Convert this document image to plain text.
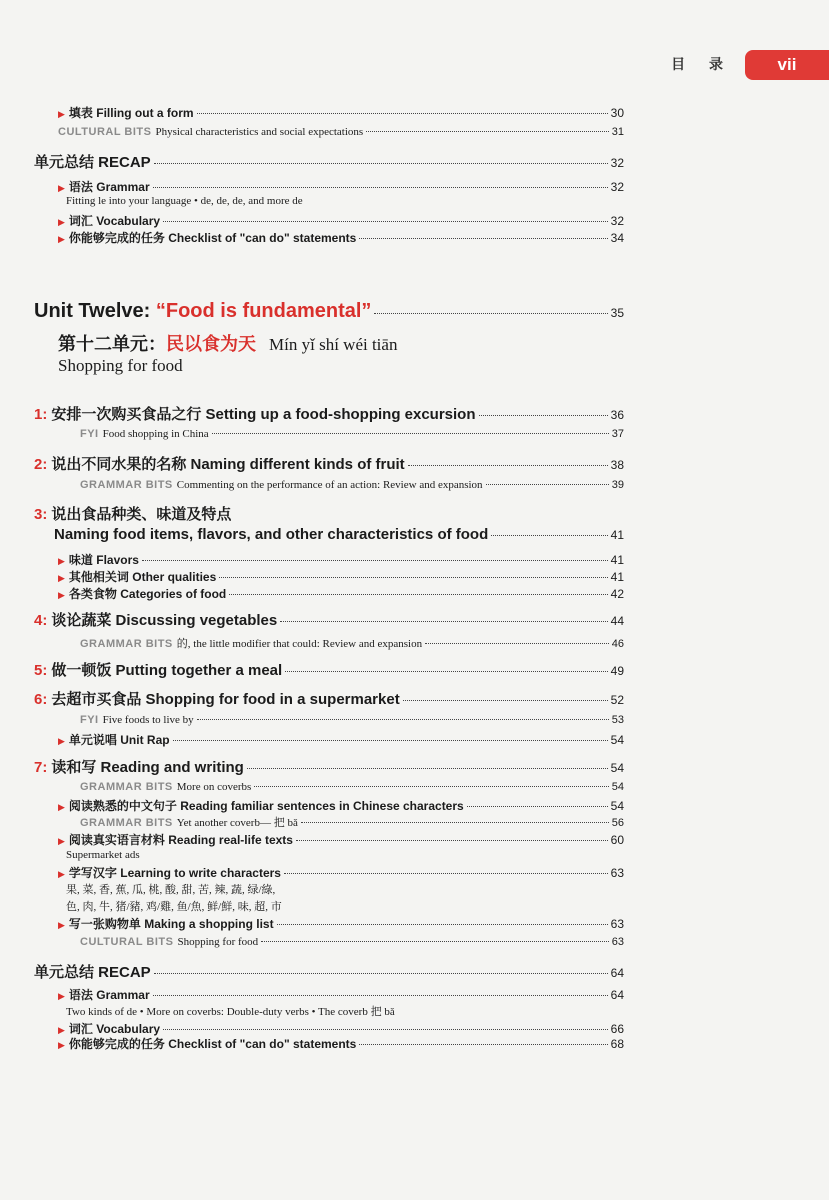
目 录	vii
Unit Twelve: “Food is fundamental”	35
第十二单元：民以食为天 Mín yǐ shí wéi tiān
Shopping for food
▶ 填表 Filling out a form	30
CULTURAL BITS Physical characteristics and social expectations	31
单元总结 RECAP	32
▶ 语法 Grammar	32
Fitting le into your language • de, de, de, and more de
▶ 词汇 Vocabulary	32
▶ 你能够完成的任务 Checklist of "can do" statements	34
1: 安排一次购买食品之行 Setting up a food-shopping excursion	36
FYI Food shopping in China	37
2: 说出不同水果的名称 Naming different kinds of fruit	38
GRAMMAR BITS Commenting on the performance of an action: Review and expansion	39
3: 说出食品种类、味道及特点
Naming food items, flavors, and other characteristics of food	41
▶ 味道 Flavors	41
▶ 其他相关词 Other qualities	41
▶ 各类食物 Categories of food	42
4: 谈论蔬菜 Discussing vegetables	44
GRAMMAR BITS 的, the little modifier that could: Review and expansion	46
5: 做一顿饭 Putting together a meal	49
6: 去超市买食品 Shopping for food in a supermarket	52
FYI Five foods to live by	53
▶ 单元说唱 Unit Rap	54
7: 读和写 Reading and writing	54
GRAMMAR BITS More on coverbs	54
▶ 阅读熟悉的中文句子 Reading familiar sentences in Chinese characters	54
GRAMMAR BITS Yet another coverb— 把 bǎ	56
▶ 阅读真实语言材料 Reading real-life texts	60
Supermarket ads
▶ 学写汉字 Learning to write characters	63
果, 菜, 香, 蕉, 瓜, 桃, 酸, 甜, 苦, 辣, 蔬, 绿/綠,
色, 肉, 牛, 猪/豬, 鸡/雞, 鱼/魚, 鲜/鮮, 味, 超, 市
▶ 写一张购物单 Making a shopping list	63
CULTURAL BITS Shopping for food	63
单元总结 RECAP	64
▶ 语法 Grammar	64
Two kinds of de • More on coverbs: Double-duty verbs • The coverb 把 bǎ
▶ 词汇 Vocabulary	66
▶ 你能够完成的任务 Checklist of "can do" statements	68
